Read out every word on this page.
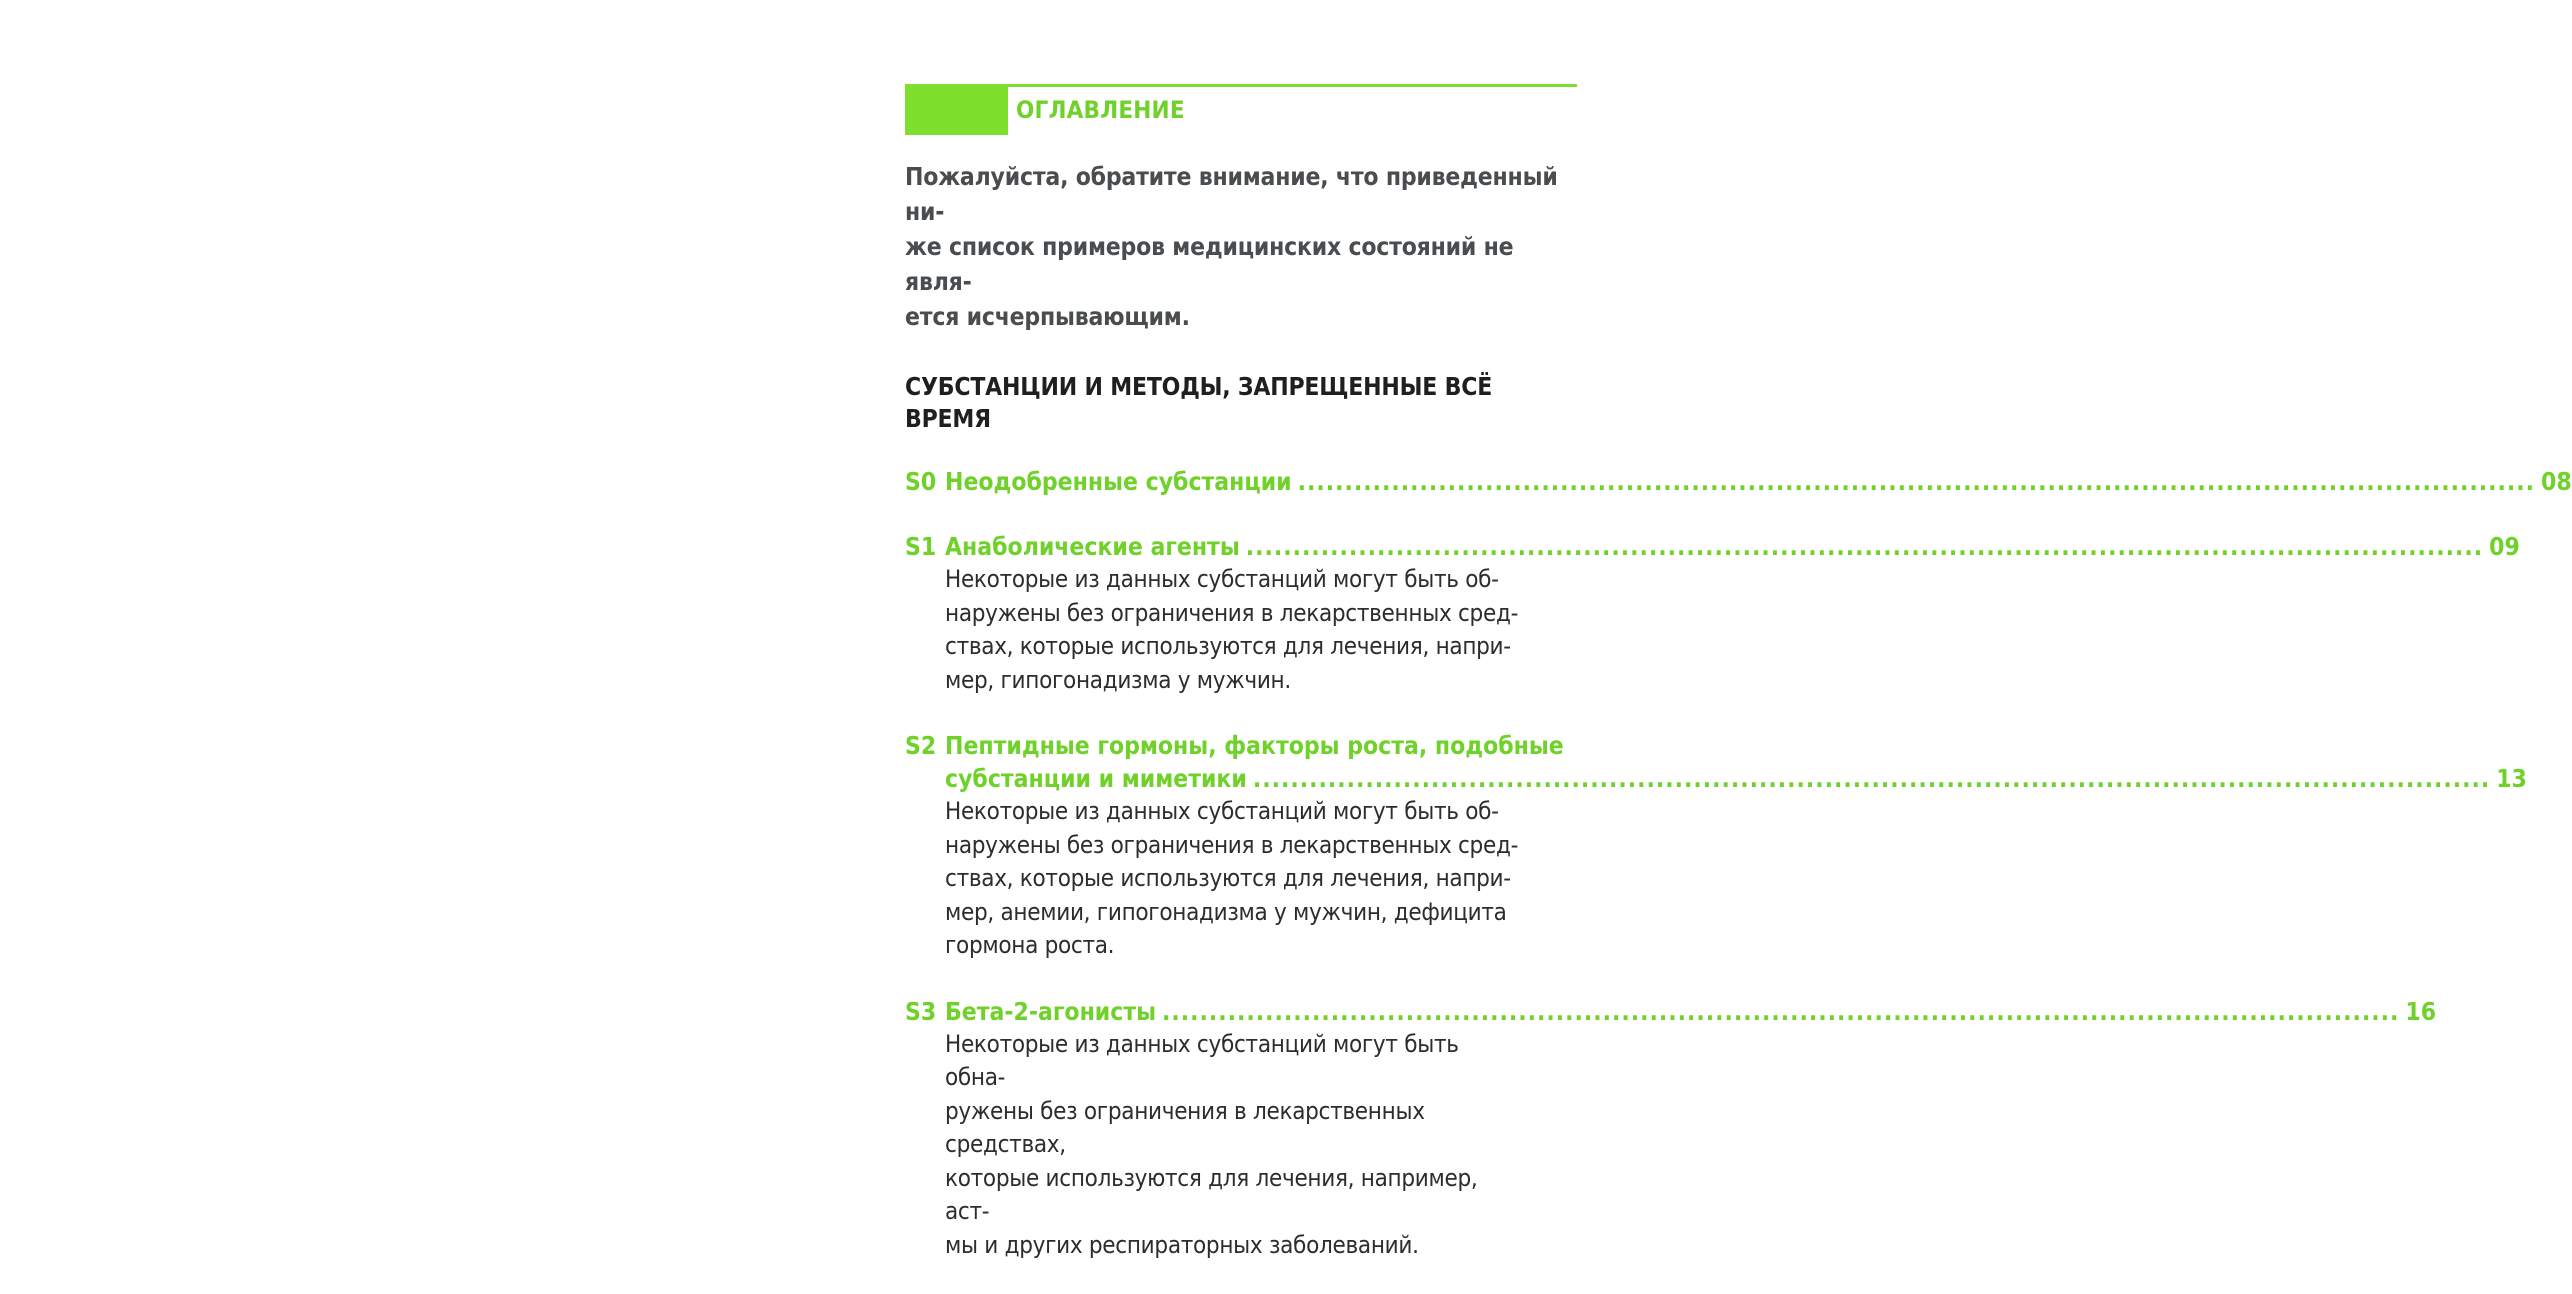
ОГЛАВЛЕНИЕ
Пожалуйста, обратите внимание, что приведенный ни-
же список примеров медицинских состояний не явля-
ется исчерпывающим.
СУБСТАНЦИИ И МЕТОДЫ, ЗАПРЕЩЕННЫЕ ВСЁ ВРЕМЯ
S0 Неодобренные субстанции .....	08
S1 Анаболические агенты .....	09
Некоторые из данных субстанций могут быть об-
наружены без ограничения в лекарственных сред-
ствах, которые используются для лечения, напри-
мер, гипогонадизма у мужчин.
S2 Пептидные гормоны, факторы роста, подобные
субстанции и миметики .....	13
Некоторые из данных субстанций могут быть об-
наружены без ограничения в лекарственных сред-
ствах, которые используются для лечения, напри-
мер, анемии, гипогонадизма у мужчин, дефицита
гормона роста.
S3 Бета-2-агонисты .....	16
Некоторые из данных субстанций могут быть обна-
ружены без ограничения в лекарственных средствах,
которые используются для лечения, например, аст-
мы и других респираторных заболеваний.
